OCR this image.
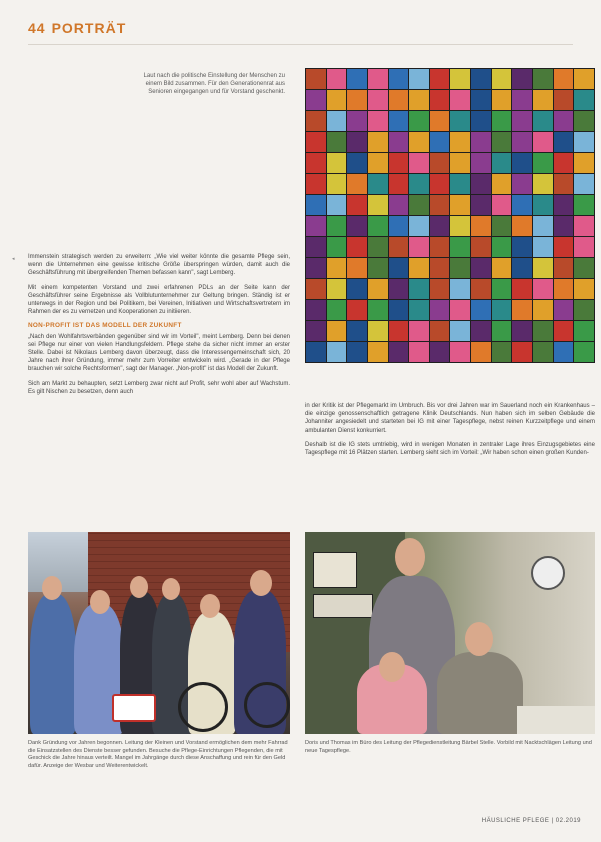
44 PORTRÄT
Laut nach die politische Einstellung der Menschen zu einem Bild zusammen. Für den Generationenrat aus Senioren eingegangen und für Vorstand geschenkt.
◂ Immenstein strategisch werden zu erweitern: „Wie viel weiter könnte die gesamte Pflege sein, wenn die Unternehmen eine gewisse kritische Größe überspringen würden, damit auch die Geschäftsführung mit übergreifenden Themen befassen kann", sagt Lemberg.

Mit einem kompetenten Vorstand und zwei erfahrenen PDLs an der Seite kann der Geschäftsführer seine Ergebnisse als Vollblutunternehmer zur Geltung bringen. Ständig ist er unterwegs in der Region und bei Politikern, bei Vereinen, Initiativen und Wirtschaftsvertretern im Rahmen der es zu vernetzen und Kooperationen zu initiieren.

NON-PROFIT IST DAS MODELL DER ZUKUNFT

„Nach den Wohlfahrtsverbänden gegenüber sind wir im Vorteil", meint Lemberg. Denn bei denen sei Pflege nur einer von vielen Handlungsfeldern. Pflege stehe da sicher nicht immer an erster Stelle. Dabei ist Nikolaus Lemberg davon überzeugt, dass die Interessengemeinschaft sich, 20 Jahre nach ihrer Gründung, immer mehr zum Vorreiter entwickeln wird. „Gerade in der Pflege brauchen wir solche Rechtsformen", sagt der Manager. „Non-profit" ist das Modell der Zukunft.

Sich am Markt zu behaupten, setzt Lemberg zwar nicht auf Profit, sehr wohl aber auf Wachstum. Es gilt Nischen zu besetzen, denn auch

in der Kritik ist der Pflegemarkt im Umbruch. Bis vor drei Jahren war im Sauerland noch ein Krankenhaus – die einzige genossenschaftlich getragene Klinik Deutschlands. Nun haben sich im selben Gebäude die Johanniter angesiedelt und starteten bei IG mit einer Tagespflege, nebst reinen Kurzzeitpflege und einem ambulanten Dienst konkurriert.

Deshalb ist die IG stets umtriebig, wird in wenigen Monaten in zentraler Lage ihres Einzugsgebietes eine Tagespflege mit 16 Plätzen starten. Lemberg sieht sich im Vorteil: „Wir haben schon einen großen Kunden-

Dank Gründung vor Jahren begonnen. Leitung der Kleinen und Vorstand ermöglichen dem mehr Fahrrad die Einsatzstellen des Dienste besser gefunden. Besuche die Pflege-Einrichtungen Pflegenden, die mit Geschick die Jahre hinaus verteilt. Mangel im Jahrgänge durch diese Anschaffung und rein für den Geld dafür. Anzeige der Wesbar und Weiterentwickelt.
Doris und Thomas im Büro des Leitung der Pflegedienstleitung Bärbel Stelle. Vorbild mit Nacktschlägen Leitung und neue Tagespflege.
HÄUSLICHE PFLEGE | 02.2019
